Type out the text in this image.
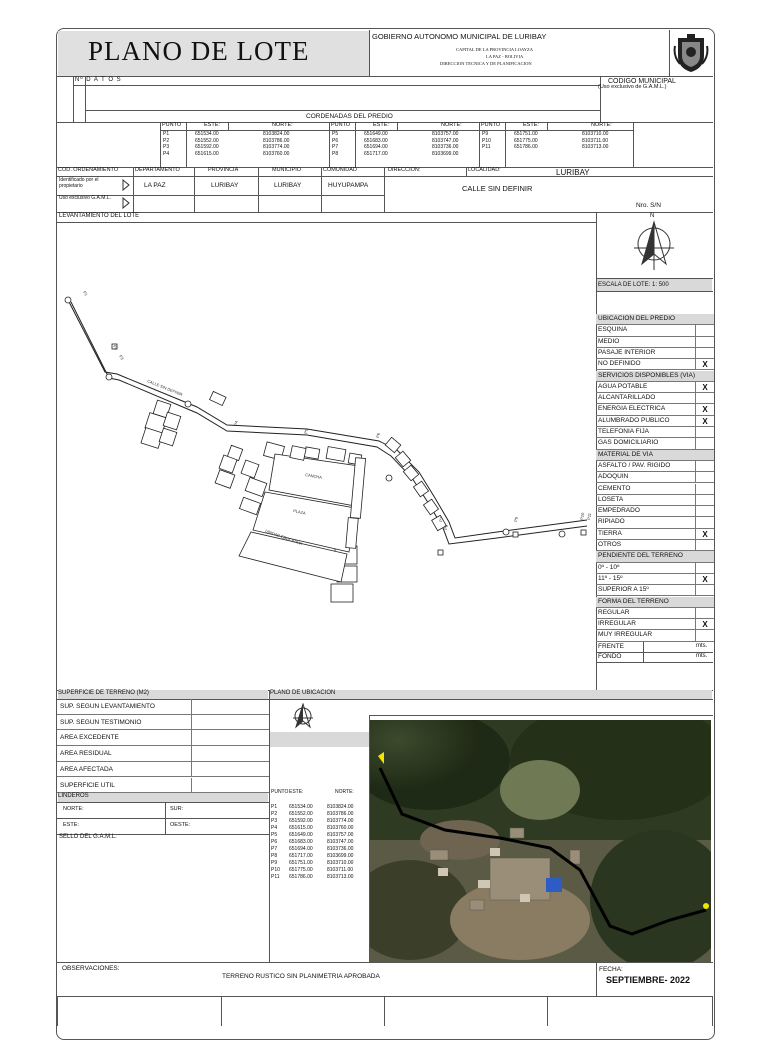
PLANO DE LOTE	GOBIERNO AUTONOMO MUNICIPAL DE LURIBAY
CAPITAL DE LA PROVINCIA LOAYZA
LA PAZ - BOLIVIA
DIRECCION TECNICA Y DE PLANIFICACION
Nº D A T O S	CODIGO MUNICIPAL
(Uso exclusivo de G.A.M.L.)
CORDENADAS DEL PREDIO
PUNTO	ESTE:	NORTE:
P1	651534.00	8103824.00
P2	651552.00	8103786.00
P3	651592.00	8103774.00
P4	651615.00	8103760.00
PUNTO	ESTE:	NORTE:
P5	651649.00	8103757.00
P6	651683.00	8103747.00
P7	651694.00	8103736.00
P8	651717.00	8103699.00
PUNTO	ESTE:	NORTE:
P9	651751.00	8103710.00
P10	651775.00	8103711.00
P11	651786.00	8103713.00
COD. ORDENAMIENTO	DEPARTAMENTO	PROVINCIA	MUNICIPIO	COMUNIDAD	DIRECCION:	LOCALIDAD:	LURIBAY
Identificado por el propietario
Uso exclusivo G.A.M.L.
LA PAZ	LURIBAY	LURIBAY	HUYUPAMPA	CALLE SIN DEFINIR
Nro. S/N
LEVANTAMIENTO DEL LOTE
CALLE SIN DEFINIR
CANCHA
PLAZA
UNIDAD EDUCATIVA
P1
P2
P3
P4
P5
P6
P7
P8
P9	P10 P11
N
ESCALA DE LOTE: 1: 500
UBICACION DEL PREDIO
ESQUINA
MEDIO
PASAJE INTERIOR
NO DEFINIDO	X
SERVICIOS DISPONIBLES (VIA)
AGUA POTABLE	X
ALCANTARILLADO
ENERGIA ELECTRICA	X
ALUMBRADO PUBLICO	X
TELEFONIA FIJA
GAS DOMICILIARIO
MATERIAL DE VIA
ASFALTO / PAV. RIGIDO
ADOQUIN
CEMENTO
LOSETA
EMPEDRADO
RIPIADO
TIERRA	X
OTROS
PENDIENTE DEL TERRENO
0º - 10º
11º - 15º	X
SUPERIOR A 15º
FORMA DEL TERRENO
REGULAR
IRREGULAR	X
MUY IRREGULAR
FRENTE	mts.
FONDO	mts.
SUPERFICIE DE TERRENO (M2)	PLANO DE UBICACION
SUP. SEGUN LEVANTAMIENTO
SUP. SEGUN TESTIMONIO
AREA EXCEDENTE
AREA RESIDUAL
AREA AFECTADA
SUPERFICIE UTIL
LINDEROS
NORTE:	SUR:
ESTE:	OESTE:
SELLO DEL G.A.M.L.
PUNTO ESTE:	NORTE:
P1 651534.00	8103824.00
P2 651552.00	8103786.00
P3 651592.00	8103774.00
P4 651615.00	8103760.00
P5 651649.00	8103757.00
P6 651683.00	8103747.00
P7 651694.00	8103736.00
P8 651717.00	8103699.00
P9 651751.00	8103710.00
P10 651775.00	8103711.00
P11 651786.00	8103713.00
OBSERVACIONES:
TERRENO RUSTICO SIN PLANIMETRIA APROBADA
FECHA:
SEPTIEMBRE- 2022
